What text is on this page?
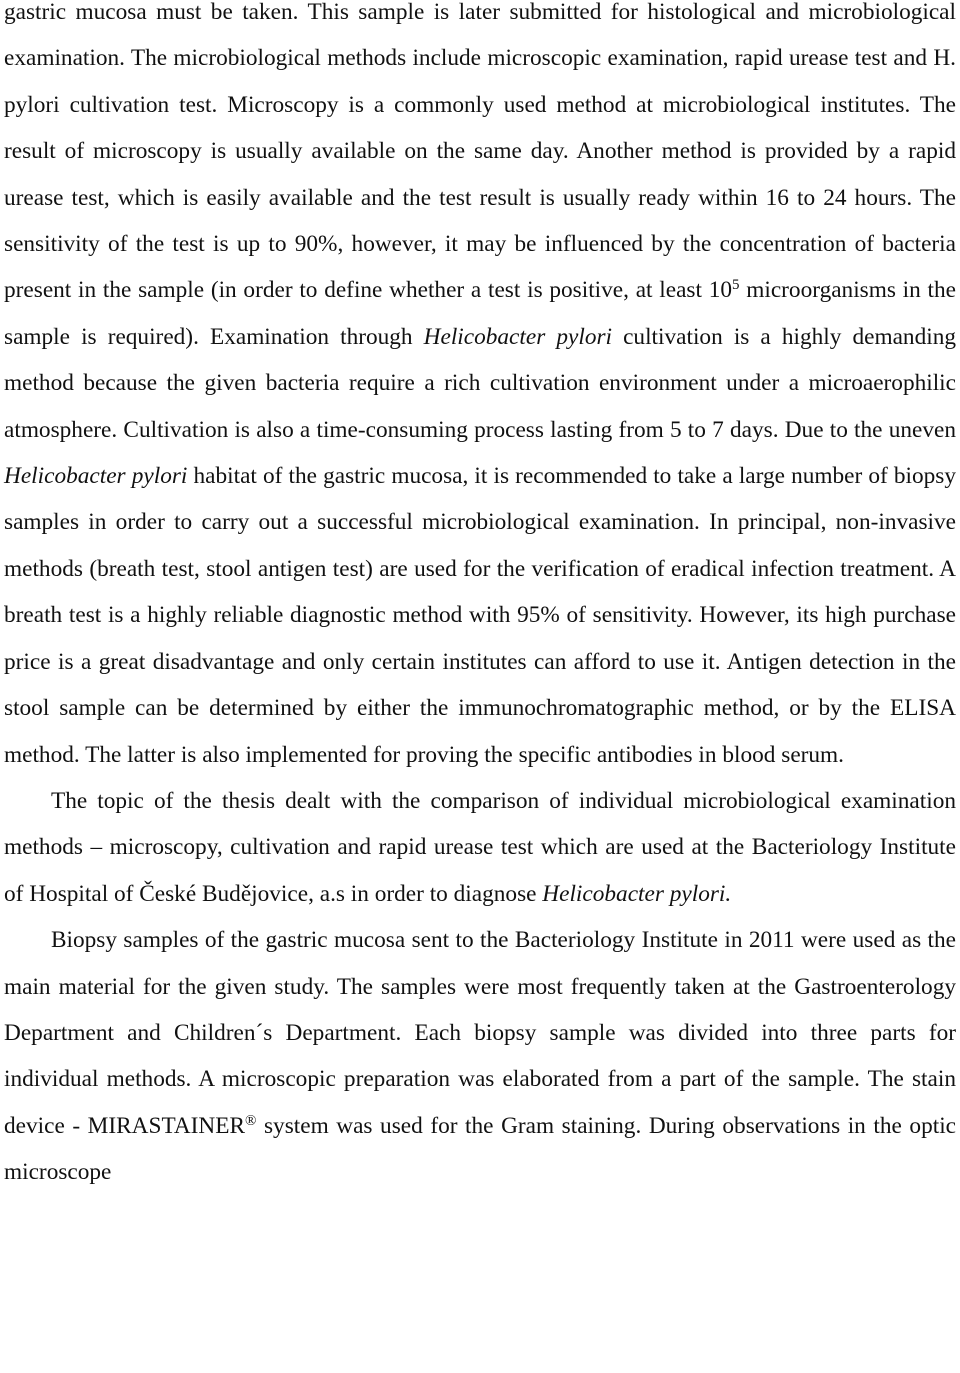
gastric mucosa must be taken. This sample is later submitted for histological and microbiological examination. The microbiological methods include microscopic examination, rapid urease test and H. pylori cultivation test. Microscopy is a commonly used method at microbiological institutes. The result of microscopy is usually available on the same day. Another method is provided by a rapid urease test, which is easily available and the test result is usually ready within 16 to 24 hours. The sensitivity of the test is up to 90%, however, it may be influenced by the concentration of bacteria present in the sample (in order to define whether a test is positive, at least $10^5$ microorganisms in the sample is required). Examination through Helicobacter pylori cultivation is a highly demanding method because the given bacteria require a rich cultivation environment under a microaerophilic atmosphere. Cultivation is also a time-consuming process lasting from 5 to 7 days. Due to the uneven Helicobacter pylori habitat of the gastric mucosa, it is recommended to take a large number of biopsy samples in order to carry out a successful microbiological examination. In principal, non-invasive methods (breath test, stool antigen test) are used for the verification of eradical infection treatment. A breath test is a highly reliable diagnostic method with 95% of sensitivity. However, its high purchase price is a great disadvantage and only certain institutes can afford to use it. Antigen detection in the stool sample can be determined by either the immunochromatographic method, or by the ELISA method. The latter is also implemented for proving the specific antibodies in blood serum.

The topic of the thesis dealt with the comparison of individual microbiological examination methods – microscopy, cultivation and rapid urease test which are used at the Bacteriology Institute of Hospital of České Budějovice, a.s in order to diagnose Helicobacter pylori.

Biopsy samples of the gastric mucosa sent to the Bacteriology Institute in 2011 were used as the main material for the given study. The samples were most frequently taken at the Gastroenterology Department and Children´s Department. Each biopsy sample was divided into three parts for individual methods. A microscopic preparation was elaborated from a part of the sample. The stain device - MIRASTAINER® system was used for the Gram staining. During observations in the optic microscope
